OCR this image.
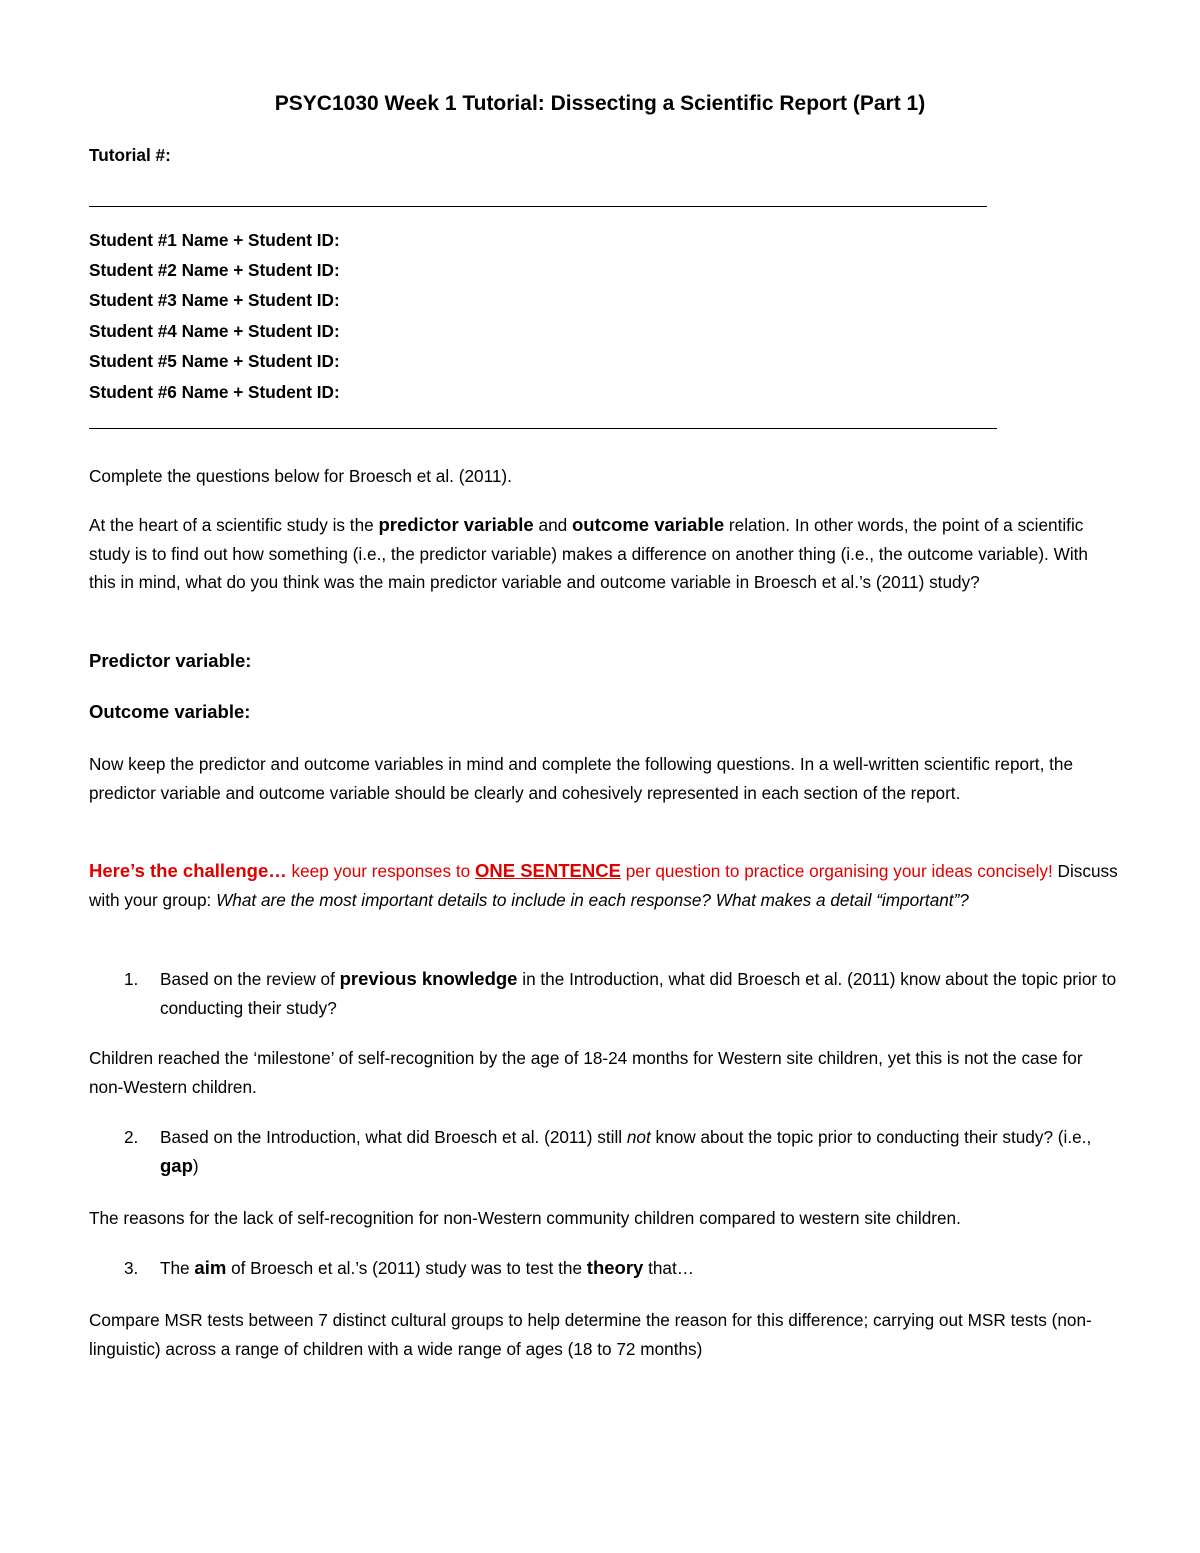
PSYC1030 Week 1 Tutorial: Dissecting a Scientific Report (Part 1)
Tutorial #:
Student #1 Name + Student ID:
Student #2 Name + Student ID:
Student #3 Name + Student ID:
Student #4 Name + Student ID:
Student #5 Name + Student ID:
Student #6 Name + Student ID:
Complete the questions below for Broesch et al. (2011).
At the heart of a scientific study is the predictor variable and outcome variable relation. In other words, the point of a scientific study is to find out how something (i.e., the predictor variable) makes a difference on another thing (i.e., the outcome variable). With this in mind, what do you think was the main predictor variable and outcome variable in Broesch et al.’s (2011) study?
Predictor variable:
Outcome variable:
Now keep the predictor and outcome variables in mind and complete the following questions. In a well-written scientific report, the predictor variable and outcome variable should be clearly and cohesively represented in each section of the report.
Here’s the challenge… keep your responses to ONE SENTENCE per question to practice organising your ideas concisely! Discuss with your group: What are the most important details to include in each response? What makes a detail “important”?
1. Based on the review of previous knowledge in the Introduction, what did Broesch et al. (2011) know about the topic prior to conducting their study?
Children reached the ‘milestone’ of self-recognition by the age of 18-24 months for Western site children, yet this is not the case for non-Western children.
2. Based on the Introduction, what did Broesch et al. (2011) still not know about the topic prior to conducting their study? (i.e., gap)
The reasons for the lack of self-recognition for non-Western community children compared to western site children.
3. The aim of Broesch et al.’s (2011) study was to test the theory that…
Compare MSR tests between 7 distinct cultural groups to help determine the reason for this difference; carrying out MSR tests (non-linguistic) across a range of children with a wide range of ages (18 to 72 months)
